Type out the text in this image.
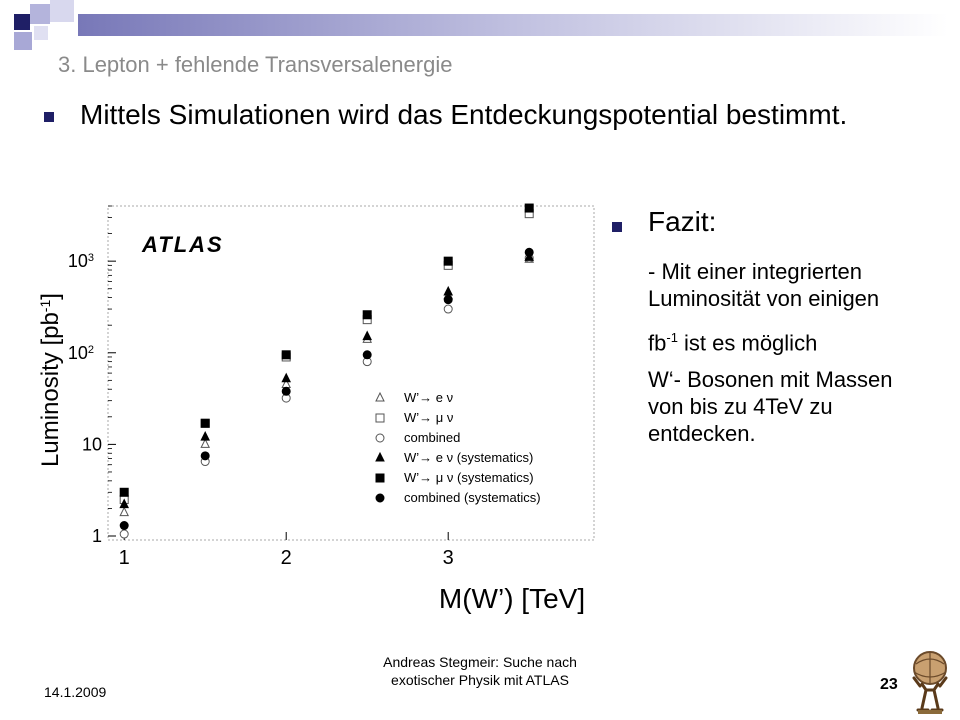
3. Lepton + fehlende Transversalenergie
Mittels Simulationen wird das Entdeckungspotential bestimmt.
ATLAS
Luminosity $[pb^{-1}]$
M(W’) [TeV]
1	2	3
1
10
$10^2$
$10^3$
W’→ e ν
W’→ μ ν
combined
W’→ e ν (systematics)
W’→ μ ν (systematics)
combined (systematics)
Fazit:
- Mit einer integrierten Luminosität von einigen
$fb^{-1}$ ist es möglich
W‘- Bosonen mit Massen von bis zu 4TeV zu entdecken.
14.1.2009
Andreas Stegmeir: Suche nach
exotischer Physik mit ATLAS	23
